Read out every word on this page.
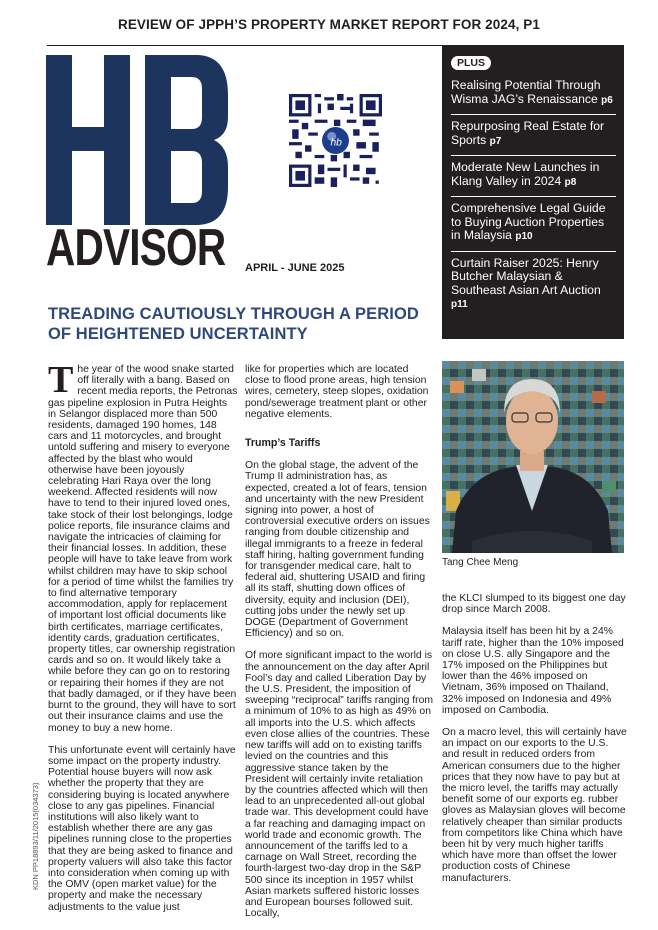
REVIEW OF JPPH’S PROPERTY MARKET REPORT FOR 2024, P1
ADVISOR APRIL - JUNE 2025
hb
PLUS
Realising Potential Through Wisma JAG’s Renaissance p6
Repurposing Real Estate for Sports p7
Moderate New Launches in Klang Valley in 2024 p8
Comprehensive Legal Guide to Buying Auction Properties in Malaysia p10
Curtain Raiser 2025: Henry Butcher Malaysian & Southeast Asian Art Auction p11
TREADING CAUTIOUSLY THROUGH A PERIOD OF HEIGHTENED UNCERTAINTY

The year of the wood snake started off literally with a bang. Based on recent media reports, the Petronas gas pipeline explosion in Putra Heights in Selangor displaced more than 500 residents, damaged 190 homes, 148 cars and 11 motorcycles, and brought untold suffering and misery to everyone affected by the blast who would otherwise have been joyously celebrating Hari Raya over the long weekend. Affected residents will now have to tend to their injured loved ones, take stock of their lost belongings, lodge police reports, file insurance claims and navigate the intricacies of claiming for their financial losses. In addition, these people will have to take leave from work whilst children may have to skip school for a period of time whilst the families try to find alternative temporary accommodation, apply for replacement of important lost official documents like birth certificates, marriage certificates, identity cards, graduation certificates, property titles, car ownership registration cards and so on. It would likely take a while before they can go on to restoring or repairing their homes if they are not that badly damaged, or if they have been burnt to the ground, they will have to sort out their insurance claims and use the money to buy a new home.

This unfortunate event will certainly have some impact on the property industry. Potential house buyers will now ask whether the property that they are considering buying is located anywhere close to any gas pipelines. Financial institutions will also likely want to establish whether there are any gas pipelines running close to the properties that they are being asked to finance and property valuers will also take this factor into consideration when coming up with the OMV (open market value) for the property and make the necessary adjustments to the value just

like for properties which are located close to flood prone areas, high tension wires, cemetery, steep slopes, oxidation pond/sewerage treatment plant or other negative elements.

Trump’s Tariffs

On the global stage, the advent of the Trump II administration has, as expected, created a lot of fears, tension and uncertainty with the new President signing into power, a host of controversial executive orders on issues ranging from double citizenship and illegal immigrants to a freeze in federal staff hiring, halting government funding for transgender medical care, halt to federal aid, shuttering USAID and firing all its staff, shutting down offices of diversity, equity and inclusion (DEI), cutting jobs under the newly set up DOGE (Department of Government Efficiency) and so on.

Of more significant impact to the world is the announcement on the day after April Fool’s day and called Liberation Day by the U.S. President, the imposition of sweeping “reciprocal” tariffs ranging from a minimum of 10% to as high as 49% on all imports into the U.S. which affects even close allies of the countries. These new tariffs will add on to existing tariffs levied on the countries and this aggressive stance taken by the President will certainly invite retaliation by the countries affected which will then lead to an unprecedented all-out global trade war. This development could have a far reaching and damaging impact on world trade and economic growth. The announcement of the tariffs led to a carnage on Wall Street, recording the fourth-largest two-day drop in the S&P 500 since its inception in 1957 whilst Asian markets suffered historic losses and European bourses followed suit. Locally,

Tang Chee Meng

the KLCI slumped to its biggest one day drop since March 2008.

Malaysia itself has been hit by a 24% tariff rate, higher than the 10% imposed on close U.S. ally Singapore and the 17% imposed on the Philippines but lower than the 46% imposed on Vietnam, 36% imposed on Thailand, 32% imposed on Indonesia and 49% imposed on Cambodia.

On a macro level, this will certainly have an impact on our exports to the U.S. and result in reduced orders from American consumers due to the higher prices that they now have to pay but at the micro level, the tariffs may actually benefit some of our exports eg. rubber gloves as Malaysian gloves will become relatively cheaper than similar products from competitors like China which have been hit by very much higher tariffs which have more than offset the lower production costs of Chinese manufacturers.

KDN PP18893/11/2015(034373)
